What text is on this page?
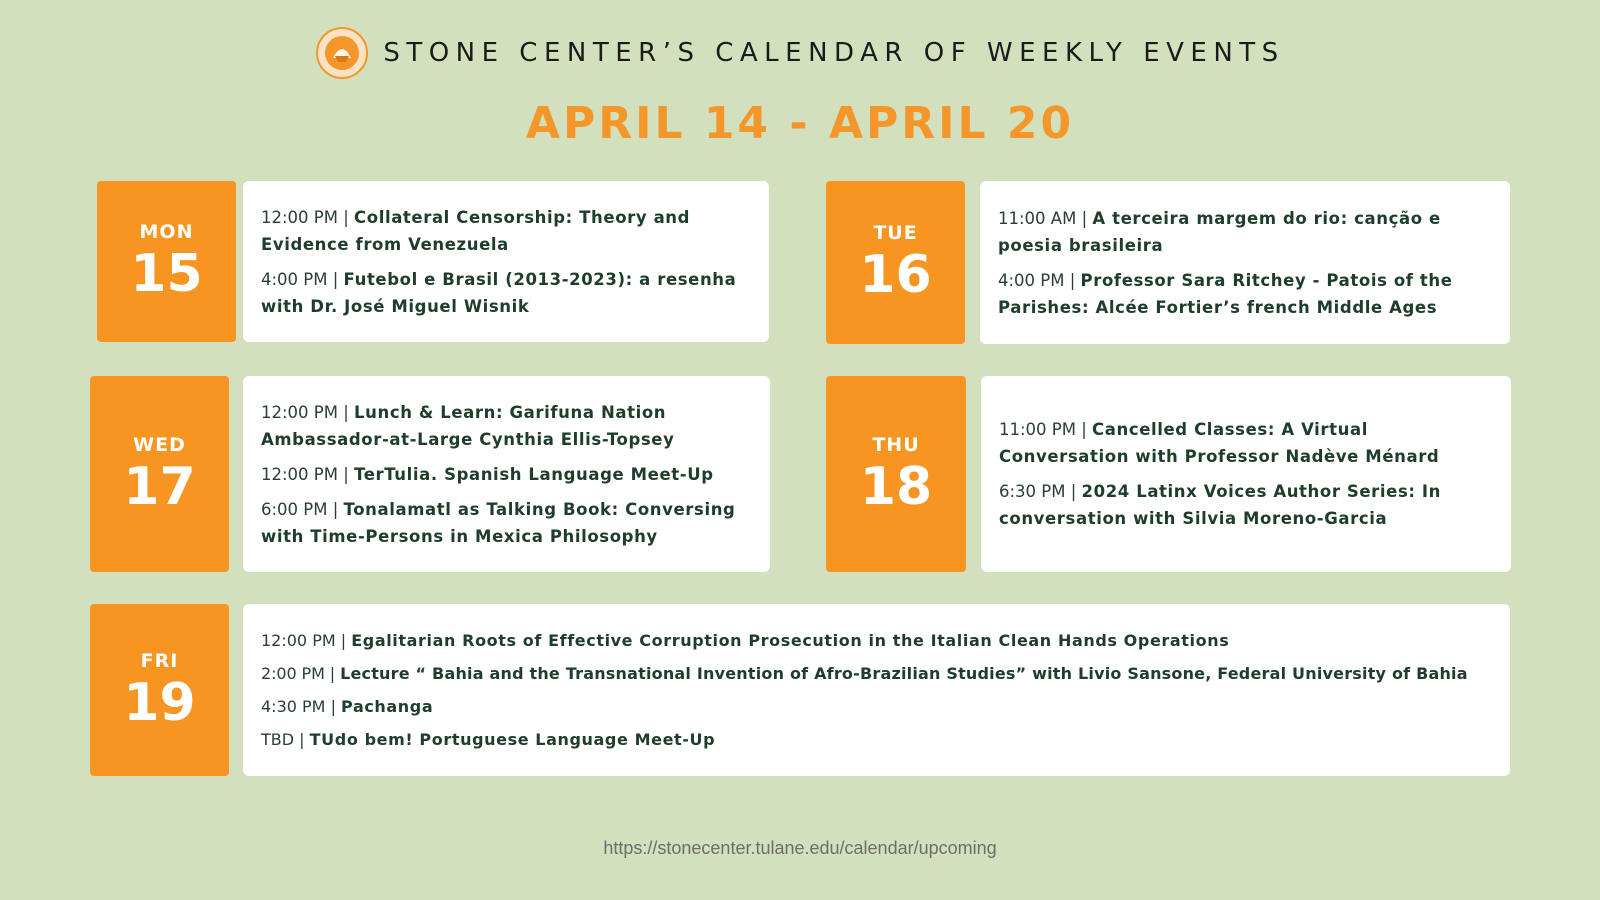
STONE CENTER’S CALENDAR OF WEEKLY EVENTS
APRIL 14 - APRIL 20
MON
15
12:00 PM | Collateral Censorship: Theory and Evidence from Venezuela
4:00 PM | Futebol e Brasil (2013-2023): a resenha with Dr. José Miguel Wisnik
TUE
16
11:00 AM | A terceira margem do rio: canção e poesia brasileira
4:00 PM | Professor Sara Ritchey - Patois of the Parishes: Alcée Fortier’s french Middle Ages
WED
17
12:00 PM | Lunch & Learn: Garifuna Nation Ambassador-at-Large Cynthia Ellis-Topsey
12:00 PM | TerTulia. Spanish Language Meet-Up
6:00 PM | Tonalamatl as Talking Book: Conversing with Time-Persons in Mexica Philosophy
THU
18
11:00 PM | Cancelled Classes: A Virtual Conversation with Professor Nadève Ménard
6:30 PM | 2024 Latinx Voices Author Series: In conversation with Silvia Moreno-Garcia
FRI
19
12:00 PM | Egalitarian Roots of Effective Corruption Prosecution in the Italian Clean Hands Operations
2:00 PM | Lecture “ Bahia and the Transnational Invention of Afro-Brazilian Studies” with Livio Sansone, Federal University of Bahia
4:30 PM | Pachanga
TBD | TUdo bem! Portuguese Language Meet-Up
https://stonecenter.tulane.edu/calendar/upcoming
